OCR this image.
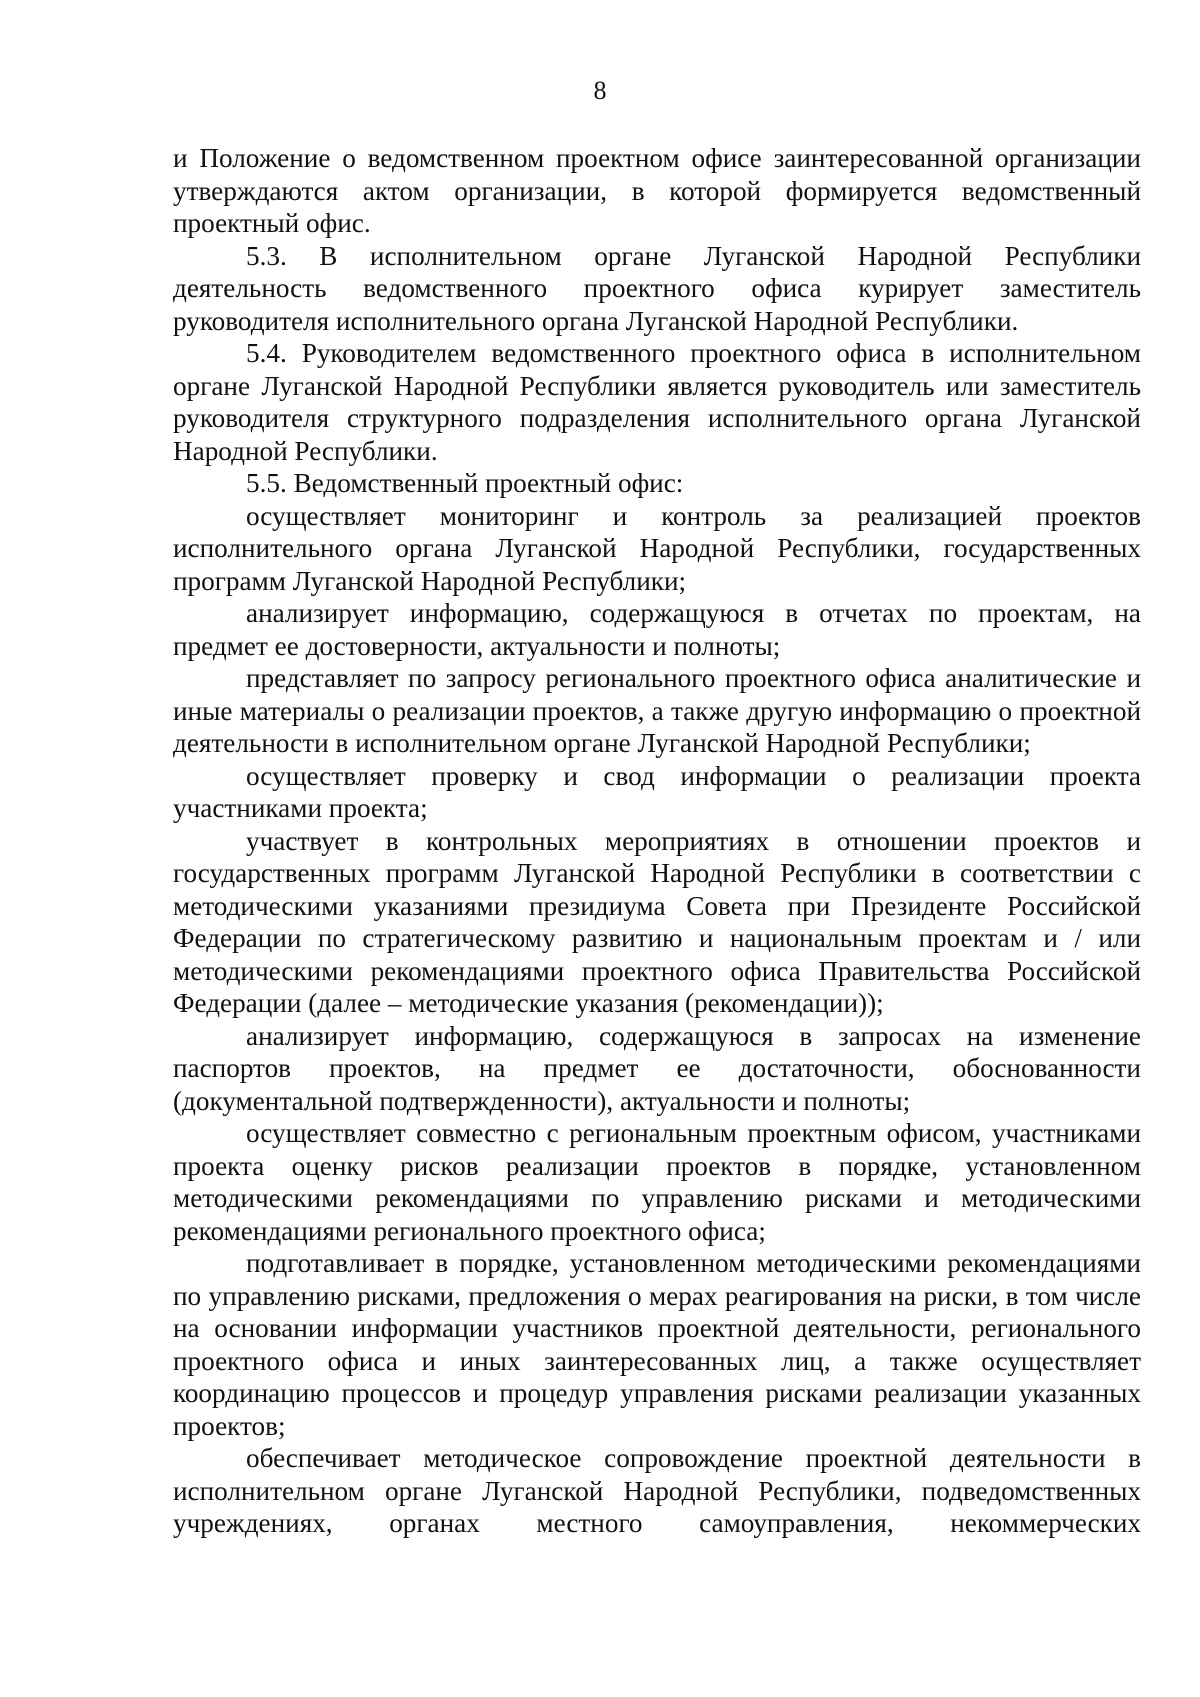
8

и Положение о ведомственном проектном офисе заинтересованной организации утверждаются актом организации, в которой формируется ведомственный проектный офис.

5.3. В исполнительном органе Луганской Народной Республики деятельность ведомственного проектного офиса курирует заместитель руководителя исполнительного органа Луганской Народной Республики.

5.4. Руководителем ведомственного проектного офиса в исполнительном органе Луганской Народной Республики является руководитель или заместитель руководителя структурного подразделения исполнительного органа Луганской Народной Республики.

5.5. Ведомственный проектный офис:

осуществляет мониторинг и контроль за реализацией проектов исполнительного органа Луганской Народной Республики, государственных программ Луганской Народной Республики;

анализирует информацию, содержащуюся в отчетах по проектам, на предмет ее достоверности, актуальности и полноты;

представляет по запросу регионального проектного офиса аналитические и иные материалы о реализации проектов, а также другую информацию о проектной деятельности в исполнительном органе Луганской Народной Республики;

осуществляет проверку и свод информации о реализации проекта участниками проекта;

участвует в контрольных мероприятиях в отношении проектов и государственных программ Луганской Народной Республики в соответствии с методическими указаниями президиума Совета при Президенте Российской Федерации по стратегическому развитию и национальным проектам и / или методическими рекомендациями проектного офиса Правительства Российской Федерации (далее – методические указания (рекомендации));

анализирует информацию, содержащуюся в запросах на изменение паспортов проектов, на предмет ее достаточности, обоснованности (документальной подтвержденности), актуальности и полноты;

осуществляет совместно с региональным проектным офисом, участниками проекта оценку рисков реализации проектов в порядке, установленном методическими рекомендациями по управлению рисками и методическими рекомендациями регионального проектного офиса;

подготавливает в порядке, установленном методическими рекомендациями по управлению рисками, предложения о мерах реагирования на риски, в том числе на основании информации участников проектной деятельности, регионального проектного офиса и иных заинтересованных лиц, а также осуществляет координацию процессов и процедур управления рисками реализации указанных проектов;

обеспечивает методическое сопровождение проектной деятельности в исполнительном органе Луганской Народной Республики, подведомственных учреждениях, органах местного самоуправления, некоммерческих
